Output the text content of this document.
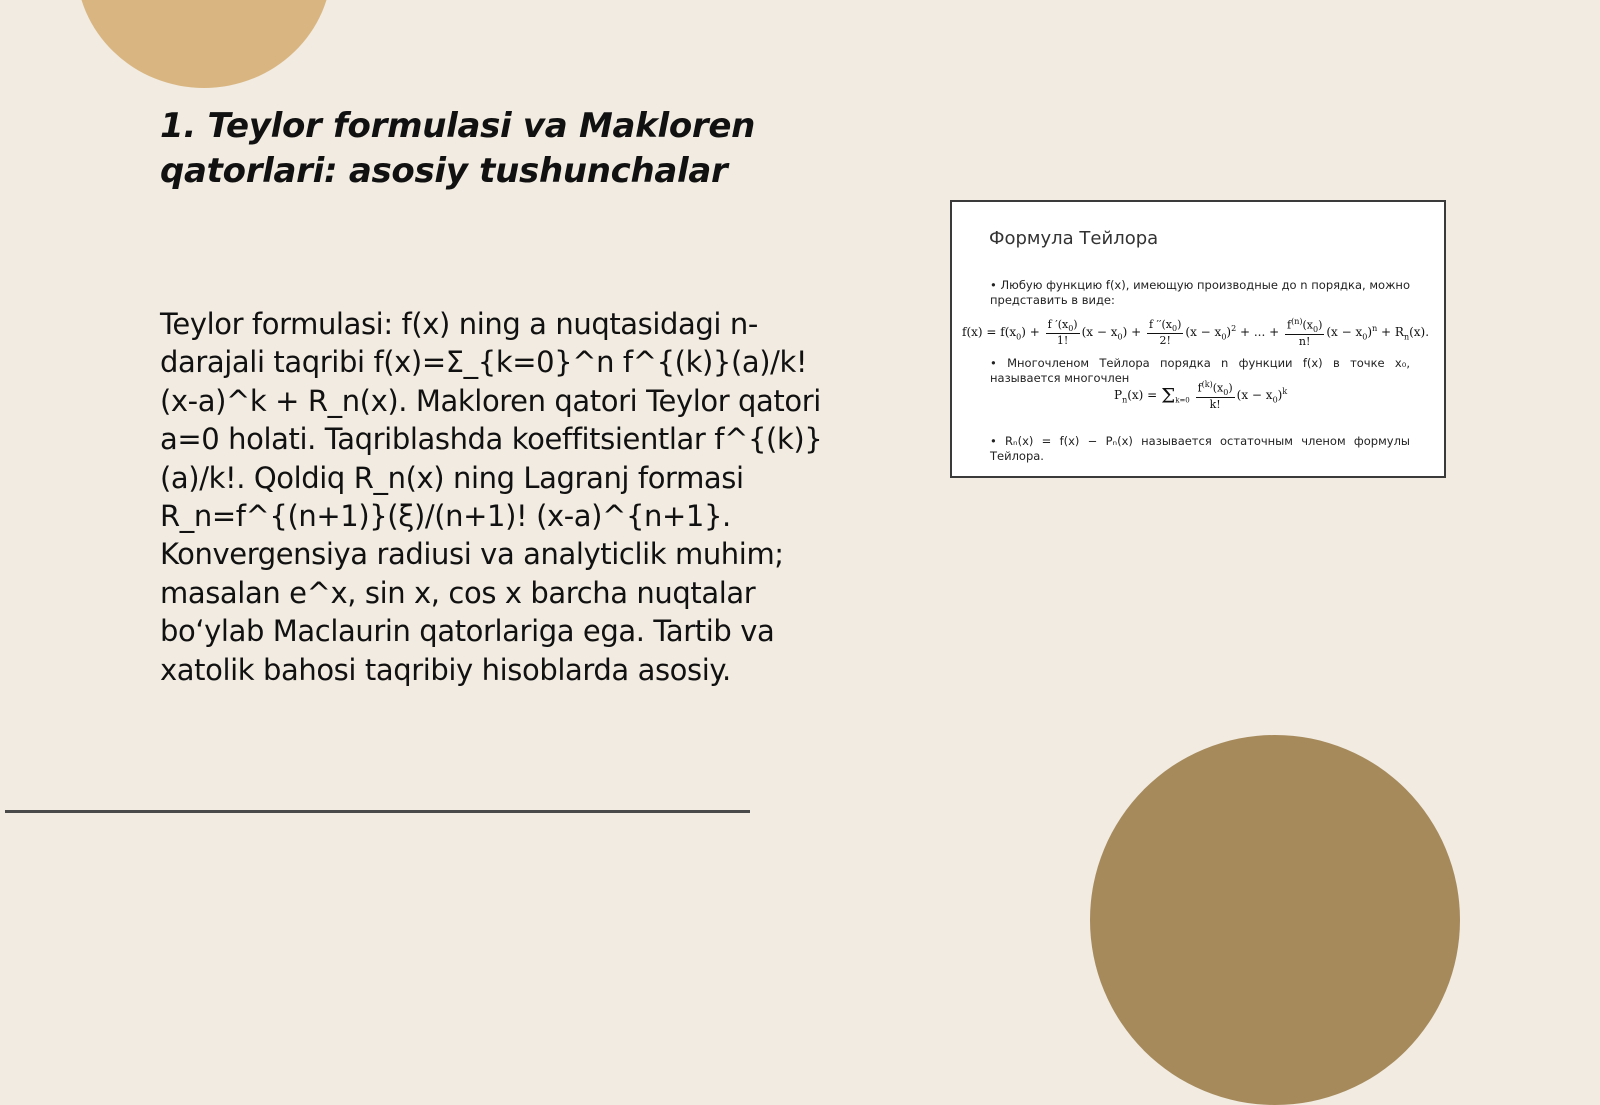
1. Teylor formulasi va Makloren qatorlari: asosiy tushunchalar

Teylor formulasi: f(x) ning a nuqtasidagi n-darajali taqribi f(x)=Σ_{k=0}^n f^{(k)}(a)/k! (x-a)^k + R_n(x). Makloren qatori Teylor qatori a=0 holati. Taqriblashda koeffitsientlar f^{(k)}(a)/k!. Qoldiq R_n(x) ning Lagranj formasi R_n=f^{(n+1)}(ξ)/(n+1)! (x-a)^{n+1}. Konvergensiya radiusi va analyticlik muhim; masalan e^x, sin x, cos x barcha nuqtalar bo‘ylab Maclaurin qatorlariga ega. Tartib va xatolik bahosi taqribiy hisoblarda asosiy.

Формула Тейлора
• Любую функцию f(x), имеющую производные до n порядка, можно представить в виде:
$f(x) = f(x_0) + \frac{f '(x_0)}{1!} (x - x_0) + \frac{f ''(x_0)}{2!} (x - x_0)^2$ + ... + $\frac{f^{(n)}(x_0)}{n!} (x - x_0)^n + R_n(x)$.
• Многочленом Тейлора порядка n функции f(x) в точке x₀, называется многочлен
$P_n(x) = \Sigma_{k=0} \frac{f^{(k)}(x_0)}{k!} (x - x_0)^k$
• Rₙ(x) = f(x) − Pₙ(x) называется остаточным членом формулы Тейлора.
